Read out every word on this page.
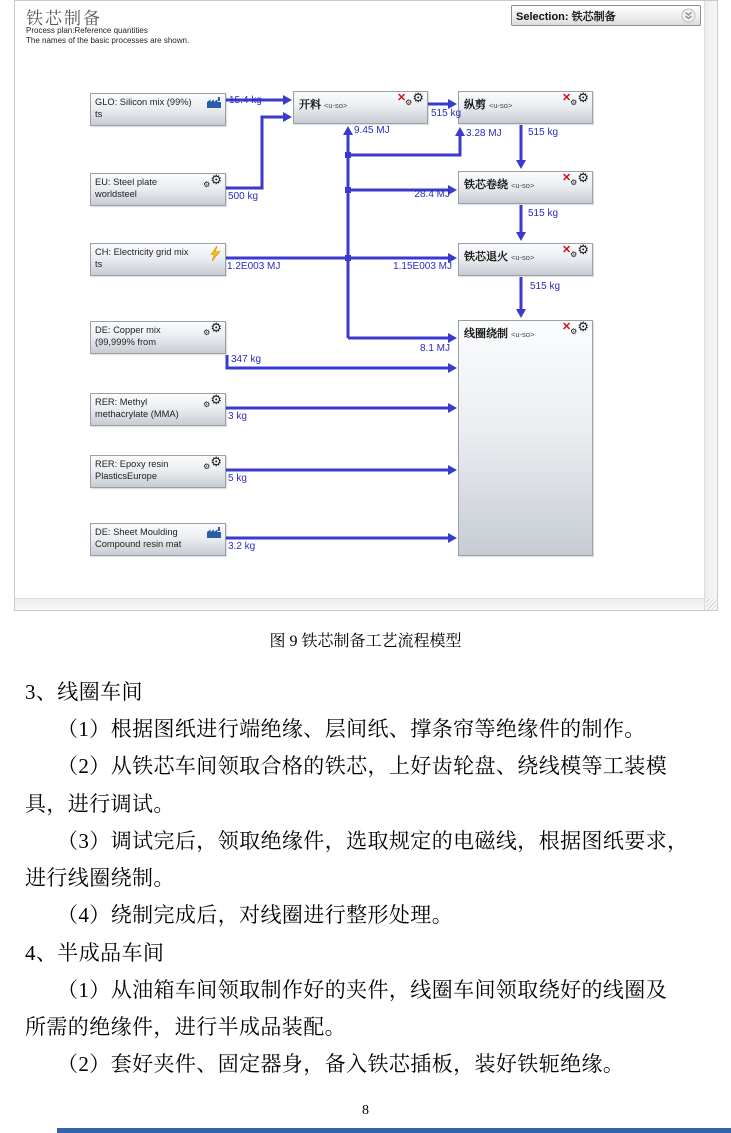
铁芯制备
Process plan:Reference quantities
The names of the basic processes are shown.
Selection: 铁芯制备
GLO: Silicon mix (99%)
ts
EU: Steel plate
worldsteel
⚙ ⚙
CH: Electricity grid mix
ts
DE: Copper mix
(99,999% from
⚙ ⚙
RER: Methyl
methacrylate (MMA)
⚙ ⚙
RER: Epoxy resin
PlasticsEurope
⚙ ⚙
DE: Sheet Moulding
Compound resin mat
开料 <u-so>
✕ ⚙ ⚙	纵剪 <u-so>
✕ ⚙ ⚙
铁芯卷绕 <u-so>
✕ ⚙ ⚙
铁芯退火 <u-so>
✕ ⚙ ⚙
线圈绕制 <u-so>
✕ ⚙ ⚙
15.4 kg
515 kg
9.45 MJ	3.28 MJ	515 kg
500 kg	28.4 MJ
515 kg
1.2E003 MJ	1.15E003 MJ
515 kg
347 kg
8.1 MJ
3 kg
5 kg
3.2 kg
图 9 铁芯制备工艺流程模型
3、线圈车间
（1）根据图纸进行端绝缘、层间纸、撑条帘等绝缘件的制作。
（2）从铁芯车间领取合格的铁芯，上好齿轮盘、绕线模等工装模
具，进行调试。
（3）调试完后，领取绝缘件，选取规定的电磁线，根据图纸要求，
进行线圈绕制。
（4）绕制完成后，对线圈进行整形处理。
4、半成品车间
（1）从油箱车间领取制作好的夹件，线圈车间领取绕好的线圈及
所需的绝缘件，进行半成品装配。
（2）套好夹件、固定器身，备入铁芯插板，装好铁轭绝缘。
8
